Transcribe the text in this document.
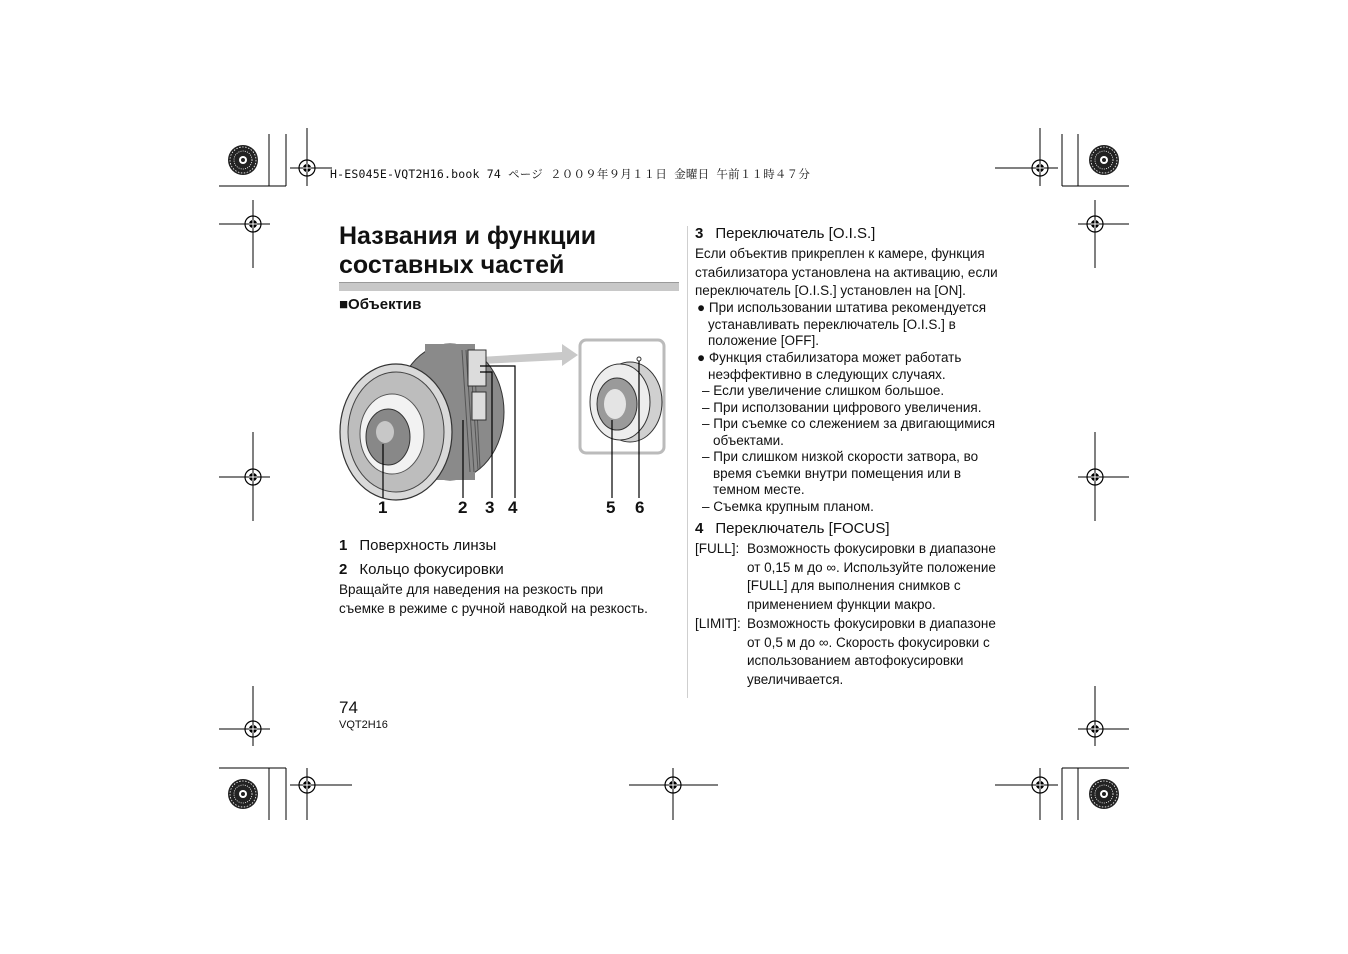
H-ES045E-VQT2H16.book 74 ページ ２００９年９月１１日 金曜日 午前１１時４７分
Названия и функции
составных частей
■Объектив
1	2 3 4	5 6
1 Поверхность линзы
2 Кольцо фокусировки
Вращайте для наведения на резкость при
съемке в режиме с ручной наводкой на резкость.
3 Переключатель [O.I.S.]
Если объектив прикреплен к камере, функция
стабилизатора установлена на активацию, если
переключатель [O.I.S.] установлен на [ON].
● При использовании штатива рекомендуется
устанавливать переключатель [O.I.S.] в
положение [OFF].
● Функция стабилизатора может работать
неэффективно в следующих случаях.
– Если увеличение слишком большое.
– При исползовании цифрового увеличения.
– При съемке со слежением за двигающимися
объектами.
– При слишком низкой скорости затвора, во
время съемки внутри помещения или в
темном месте.
– Съемка крупным планом.
4 Переключатель [FOCUS]
[FULL]: Возможность фокусировки в диапазоне
от 0,15 м до ∞. Используйте положение
[FULL] для выполнения снимков с
применением функции макро.
[LIMIT]: Возможность фокусировки в диапазоне
от 0,5 м до ∞. Скорость фокусировки с
использованием автофокусировки
увеличивается.
74
VQT2H16
